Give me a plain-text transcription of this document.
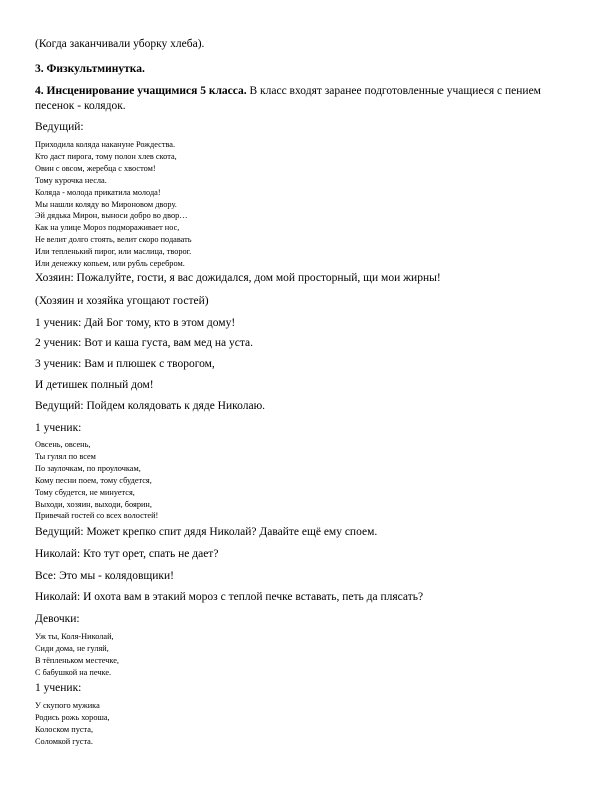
(Когда заканчивали уборку хлеба).
3. Физкультминутка.
4. Инсценирование учащимися 5 класса. В класс входят заранее подготовленные учащиеся с пением песенок - колядок.
Ведущий:
Приходила коляда накануне Рождества.
Кто даст пирога, тому полон хлев скота,
Овин с овсом, жеребца с хвостом!
Тому курочка несла.
Коляда - молода прикатила молода!
Мы нашли коляду во Мироновом двору.
Эй дядька Мирон, выноси добро во двор…
Как на улице Мороз подмораживает нос,
Не велит долго стоять, велит скоро подавать
Или тепленький пирог, или маслица, творог.
Или денежку копьем, или рубль серебром.
Хозяин: Пожалуйте, гости, я вас дожидался, дом мой просторный, щи мои жирны!
(Хозяин и хозяйка угощают гостей)
1 ученик: Дай Бог тому, кто в этом дому!
2 ученик: Вот и каша густа, вам мед на уста.
3 ученик: Вам и плюшек с творогом,
И детишек полный дом!
Ведущий: Пойдем колядовать к дяде Николаю.
1 ученик:
Овсень, овсень,
Ты гулял по всем
По заулочкам, по проулочкам,
Кому песни поем, тому сбудется,
Тому сбудется, не минуется,
Выходи, хозяин, выходи, боярин,
Привечай гостей со всех волостей!
Ведущий: Может крепко спит дядя Николай? Давайте ещё ему споем.
Николай: Кто тут орет, спать не дает?
Все: Это мы - колядовщики!
Николай: И охота вам в этакий мороз с теплой печке вставать, петь да плясать?
Девочки:
Уж ты, Коля-Николай,
Сиди дома, не гуляй,
В тёпленьком местечке,
С бабушкой на печке.
1 ученик:
У скупого мужика
Родись рожь хороша,
Колоском пуста,
Соломкой густа.
